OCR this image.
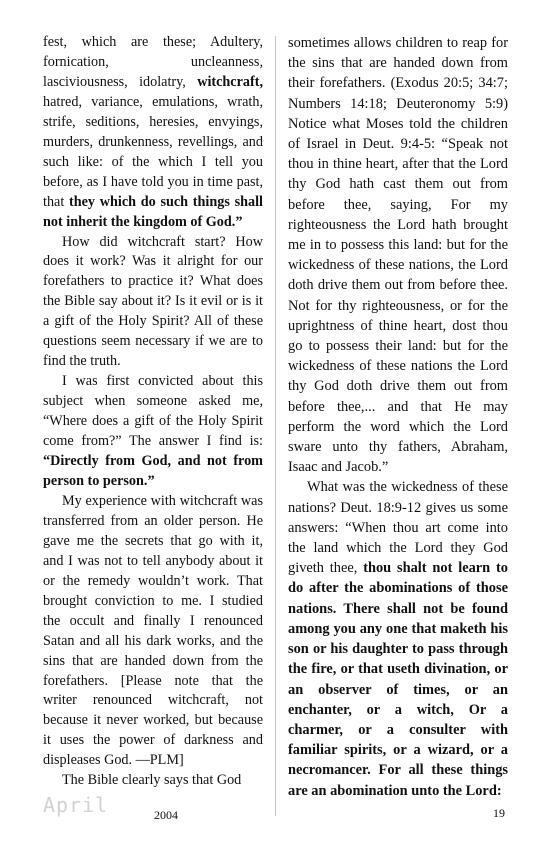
fest, which are these; Adultery, fornication, uncleanness, lasciviousness, idolatry, witchcraft, hatred, variance, emulations, wrath, strife, seditions, heresies, envyings, murders, drunkenness, revellings, and such like: of the which I tell you before, as I have told you in time past, that they which do such things shall not inherit the kingdom of God.”

How did witchcraft start? How does it work? Was it alright for our forefathers to practice it? What does the Bible say about it? Is it evil or is it a gift of the Holy Spirit? All of these questions seem necessary if we are to find the truth.

I was first convicted about this subject when someone asked me, “Where does a gift of the Holy Spirit come from?” The answer I find is: “Directly from God, and not from person to person.”

My experience with witchcraft was transferred from an older person. He gave me the secrets that go with it, and I was not to tell anybody about it or the remedy wouldn’t work. That brought conviction to me. I studied the occult and finally I renounced Satan and all his dark works, and the sins that are handed down from the forefathers. [Please note that the writer renounced witchcraft, not because it never worked, but because it uses the power of darkness and displeases God. —PLM]

The Bible clearly says that God

sometimes allows children to reap for the sins that are handed down from their forefathers. (Exodus 20:5; 34:7; Numbers 14:18; Deuteronomy 5:9) Notice what Moses told the children of Israel in Deut. 9:4-5: “Speak not thou in thine heart, after that the Lord thy God hath cast them out from before thee, saying, For my righteousness the Lord hath brought me in to possess this land: but for the wickedness of these nations, the Lord doth drive them out from before thee. Not for thy righteousness, or for the uprightness of thine heart, dost thou go to possess their land: but for the wickedness of these nations the Lord thy God doth drive them out from before thee,... and that He may perform the word which the Lord sware unto thy fathers, Abraham, Isaac and Jacob.”

What was the wickedness of these nations? Deut. 18:9-12 gives us some answers: “When thou art come into the land which the Lord they God giveth thee, thou shalt not learn to do after the abominations of those nations. There shall not be found among you any one that maketh his son or his daughter to pass through the fire, or that useth divination, or an observer of times, or an enchanter, or a witch, Or a charmer, or a consulter with familiar spirits, or a wizard, or a necromancer. For all these things are an abomination unto the Lord:

April	2004	19
